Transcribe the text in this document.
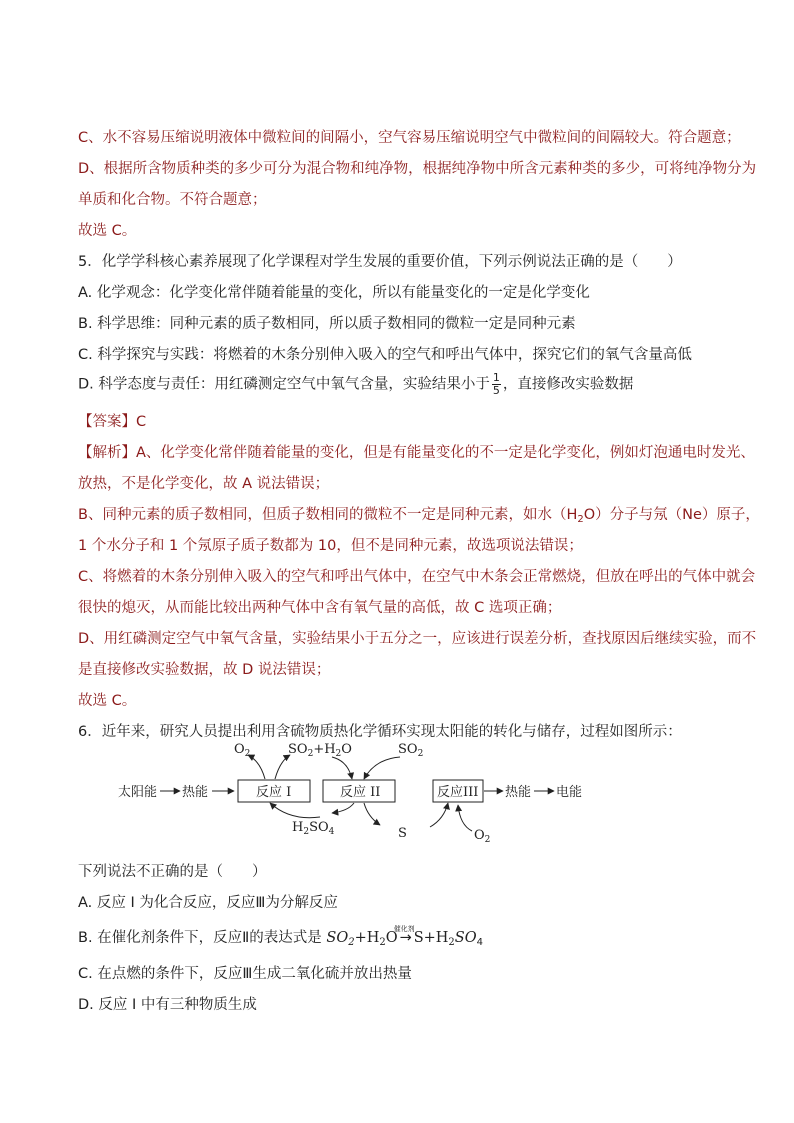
C、水不容易压缩说明液体中微粒间的间隔小，空气容易压缩说明空气中微粒间的间隔较大。符合题意；
D、根据所含物质种类的多少可分为混合物和纯净物，根据纯净物中所含元素种类的多少，可将纯净物分为
单质和化合物。不符合题意；
故选 C。
5．化学学科核心素养展现了化学课程对学生发展的重要价值，下列示例说法正确的是（　　）
A. 化学观念：化学变化常伴随着能量的变化，所以有能量变化的一定是化学变化
B. 科学思维：同种元素的质子数相同，所以质子数相同的微粒一定是同种元素
C. 科学探究与实践：将燃着的木条分别伸入吸入的空气和呼出气体中，探究它们的氧气含量高低
D. 科学态度与责任：用红磷测定空气中氧气含量，实验结果小于 $\frac{1}{5}$ ，直接修改实验数据
【答案】C
【解析】A、化学变化常伴随着能量的变化，但是有能量变化的不一定是化学变化，例如灯泡通电时发光、
放热，不是化学变化，故 A 说法错误；
B、同种元素的质子数相同，但质子数相同的微粒不一定是同种元素，如水$(H_2O)$分子与氖（Ne）原子，
1 个水分子和 1 个氖原子质子数都为 10，但不是同种元素，故选项说法错误；
C、将燃着的木条分别伸入吸入的空气和呼出气体中，在空气中木条会正常燃烧，但放在呼出的气体中就会
很快的熄灭，从而能比较出两种气体中含有氧气量的高低，故 C 选项正确；
D、用红磷测定空气中氧气含量，实验结果小于五分之一，应该进行误差分析，查找原因后继续实验，而不
是直接修改实验数据，故 D 说法错误；
故选 C。
6．近年来，研究人员提出利用含硫物质热化学循环实现太阳能的转化与储存，过程如图所示：
太阳能 热能	反应 I	反应 II	反应III 热能 电能
$O_2$	$SO_2+H_2O$	$SO_2$
$H_2SO_4$	S	$O_2$
下列说法不正确的是（　　）
A. 反应 I 为化合反应，反应Ⅲ为分解反应
B. 在催化剂条件下，反应Ⅱ的表达式是 $SO_2+H_2O$
催化剂
→ $S+H_2SO_4$
C. 在点燃的条件下，反应Ⅲ生成二氧化硫并放出热量
D. 反应 I 中有三种物质生成
